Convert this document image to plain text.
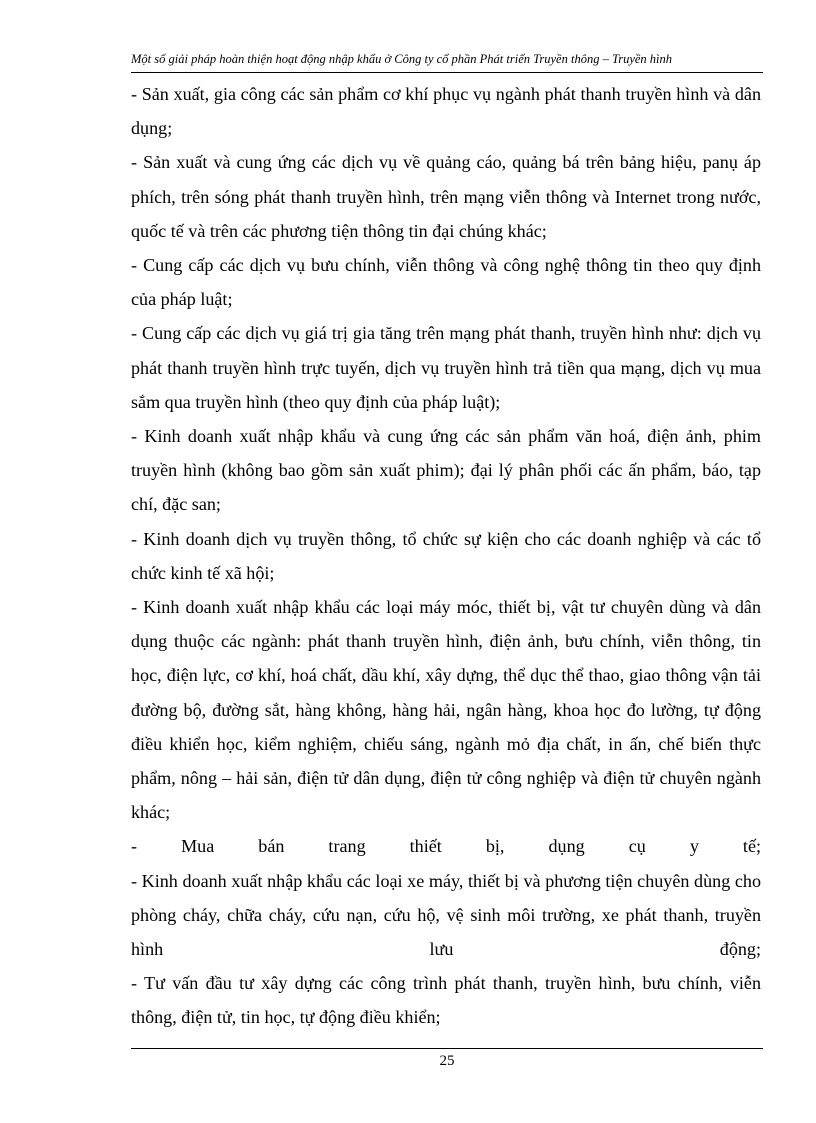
Một số giải pháp hoàn thiện hoạt động nhập khẩu ở Công ty cổ phần Phát triển Truyền thông – Truyền hình

- Sản xuất, gia công các sản phẩm cơ khí phục vụ ngành phát thanh truyền hình và dân dụng;

- Sản xuất và cung ứng các dịch vụ về quảng cáo, quảng bá trên bảng hiệu, panụ áp phích, trên sóng phát thanh truyền hình, trên mạng viễn thông và Internet trong nước, quốc tế và trên các phương tiện thông tin đại chúng khác;

- Cung cấp các dịch vụ bưu chính, viễn thông và công nghệ thông tin theo quy định của pháp luật;

- Cung cấp các dịch vụ giá trị gia tăng trên mạng phát thanh, truyền hình như: dịch vụ phát thanh truyền hình trực tuyến, dịch vụ truyền hình trả tiền qua mạng, dịch vụ mua sắm qua truyền hình (theo quy định của pháp luật);

- Kinh doanh xuất nhập khẩu và cung ứng các sản phẩm văn hoá, điện ảnh, phim truyền hình (không bao gồm sản xuất phim); đại lý phân phối các ấn phẩm, báo, tạp chí, đặc san;

- Kinh doanh dịch vụ truyền thông, tổ chức sự kiện cho các doanh nghiệp và các tổ chức kinh tế xã hội;

- Kinh doanh xuất nhập khẩu các loại máy móc, thiết bị, vật tư chuyên dùng và dân dụng thuộc các ngành: phát thanh truyền hình, điện ảnh, bưu chính, viễn thông, tin học, điện lực, cơ khí, hoá chất, dầu khí, xây dựng, thể dục thể thao, giao thông vận tải đường bộ, đường sắt, hàng không, hàng hải, ngân hàng, khoa học đo lường, tự động điều khiển học, kiểm nghiệm, chiếu sáng, ngành mỏ địa chất, in ấn, chế biến thực phẩm, nông – hải sản, điện tử dân dụng, điện tử công nghiệp và điện tử chuyên ngành khác;

- Mua bán trang thiết bị, dụng cụ y tế;

- Kinh doanh xuất nhập khẩu các loại xe máy, thiết bị và phương tiện chuyên dùng cho phòng cháy, chữa cháy, cứu nạn, cứu hộ, vệ sinh môi trường, xe phát thanh, truyền hình lưu động;

- Tư vấn đầu tư xây dựng các công trình phát thanh, truyền hình, bưu chính, viễn thông, điện tử, tin học, tự động điều khiển;

25
